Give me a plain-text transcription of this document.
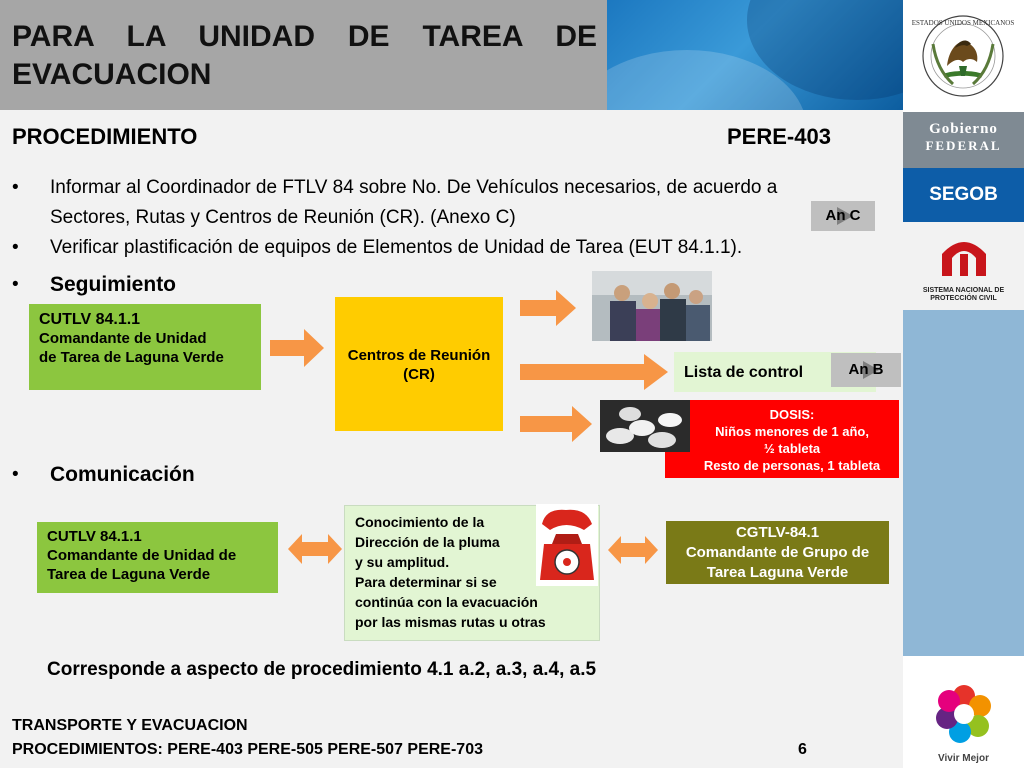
PARA LA UNIDAD DE TAREA DE EVACUACION
ESTADOS UNIDOS MEXICANOS
Gobierno
FEDERAL
SEGOB
SISTEMA NACIONAL DE PROTECCIÓN CIVIL
Vivir Mejor
PROCEDIMIENTO	PERE-403
•	Informar al Coordinador de FTLV 84 sobre No. De Vehículos necesarios, de acuerdo a Sectores, Rutas y Centros de Reunión (CR). (Anexo C)
•	Verificar plastificación de equipos de Elementos de Unidad de Tarea (EUT 84.1.1).
•	Seguimiento
•	Comunicación
An C
CUTLV 84.1.1
Comandante de Unidad
de Tarea de Laguna Verde	Centros de Reunión
(CR)	Lista de control	An B
DOSIS:
Niños menores de 1 año,
½ tableta
Resto de personas, 1 tableta
CUTLV 84.1.1
Comandante de Unidad de
Tarea de Laguna Verde
Conocimiento de la
Dirección de la pluma
y su amplitud.
Para determinar si se
continúa con la evacuación
por las mismas rutas u otras
CGTLV-84.1
Comandante de Grupo de
Tarea Laguna Verde
Corresponde a aspecto de procedimiento 4.1 a.2, a.3, a.4, a.5
TRANSPORTE Y EVACUACION
PROCEDIMIENTOS: PERE-403 PERE-505 PERE-507 PERE-703	6
